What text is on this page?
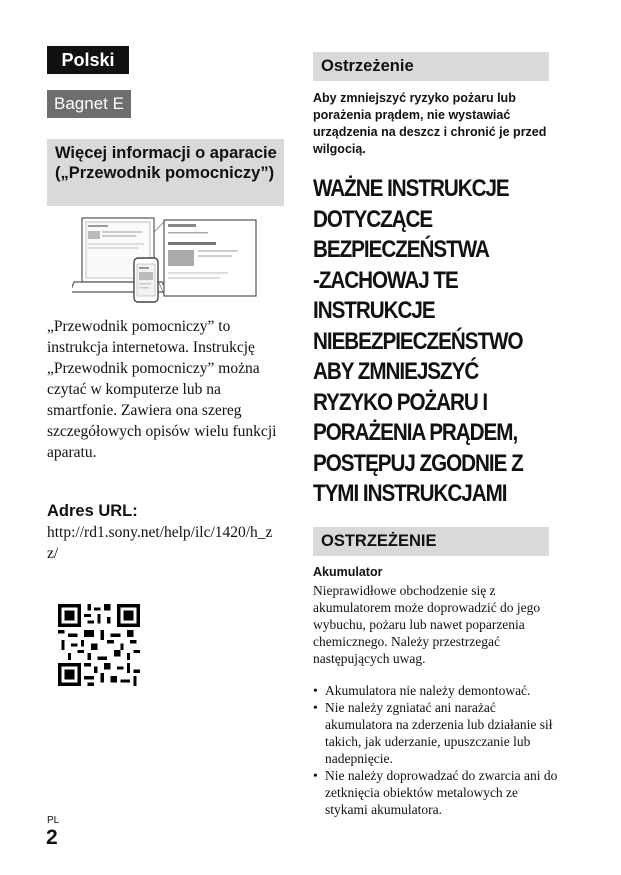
Polski
Bagnet E
Więcej informacji o aparacie („Przewodnik pomocniczy”)
„Przewodnik pomocniczy” to instrukcja internetowa. Instrukcję „Przewodnik pomocniczy” można czytać w komputerze lub na smartfonie. Zawiera ona szereg szczegółowych opisów wielu funkcji aparatu.
Adres URL:
http://rd1.sony.net/help/ilc/1420/h_zz/
PL
2
Ostrzeżenie
Aby zmniejszyć ryzyko pożaru lub porażenia prądem, nie wystawiać urządzenia na deszcz i chronić je przed wilgocią.
WAŻNE INSTRUKCJE
DOTYCZĄCE
BEZPIECZEŃSTWA
-ZACHOWAJ TE
INSTRUKCJE
NIEBEZPIECZEŃSTWO
ABY ZMNIEJSZYĆ
RYZYKO POŻARU I
PORAŻENIA PRĄDEM,
POSTĘPUJ ZGODNIE Z
TYMI INSTRUKCJAMI
OSTRZEŻENIE
Akumulator
Nieprawidłowe obchodzenie się z akumulatorem może doprowadzić do jego wybuchu, pożaru lub nawet poparzenia chemicznego. Należy przestrzegać następujących uwag.
• Akumulatora nie należy demontować.
• Nie należy zgniatać ani narażać akumulatora na zderzenia lub działanie sił takich, jak uderzanie, upuszczanie lub nadepnięcie.
• Nie należy doprowadzać do zwarcia ani do zetknięcia obiektów metalowych ze stykami akumulatora.
